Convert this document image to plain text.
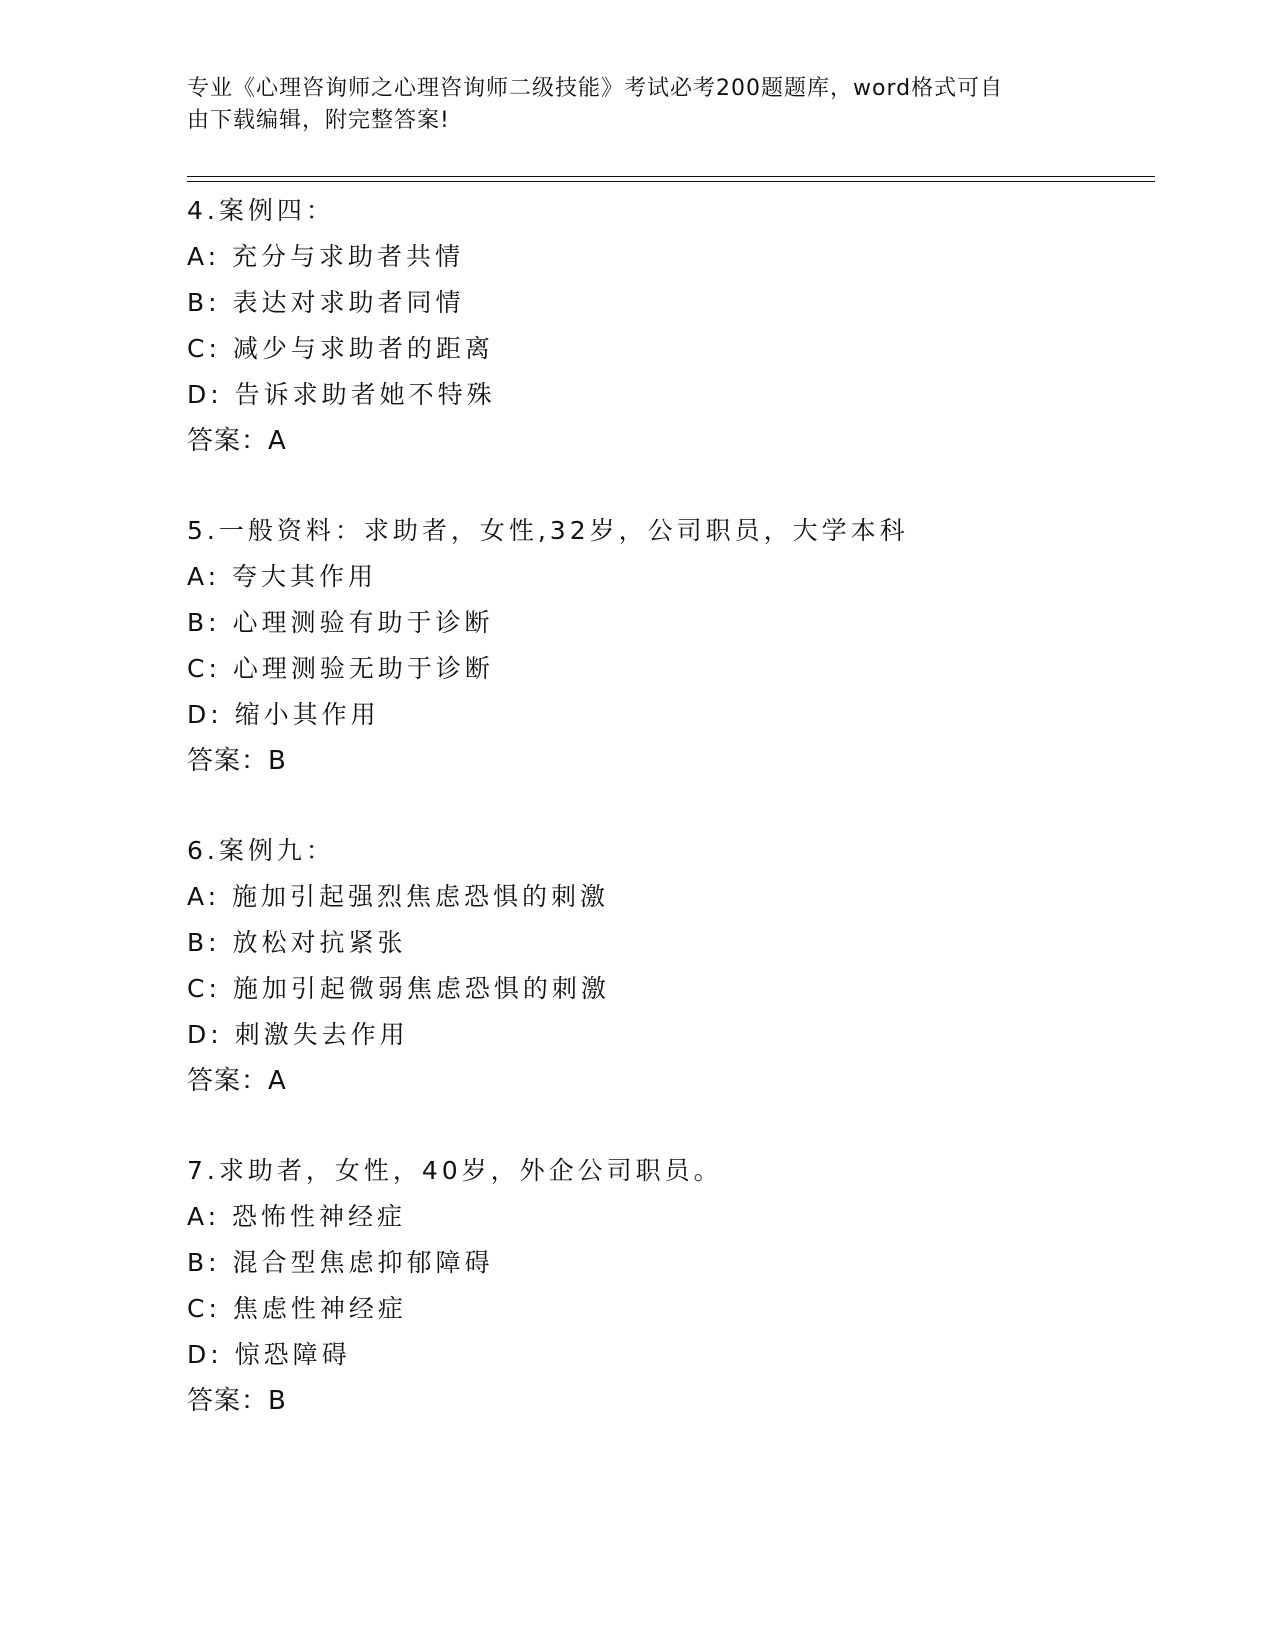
专业《心理咨询师之心理咨询师二级技能》考试必考200题题库，word格式可自
由下载编辑，附完整答案!
4.案例四：
A: 充分与求助者共情
B: 表达对求助者同情
C: 减少与求助者的距离
D: 告诉求助者她不特殊
答案：A
5.一般资料：求助者，女性,32岁，公司职员，大学本科
A: 夸大其作用
B: 心理测验有助于诊断
C: 心理测验无助于诊断
D: 缩小其作用
答案：B
6.案例九：
A: 施加引起强烈焦虑恐惧的刺激
B: 放松对抗紧张
C: 施加引起微弱焦虑恐惧的刺激
D: 刺激失去作用
答案：A
7.求助者，女性，40岁，外企公司职员。
A: 恐怖性神经症
B: 混合型焦虑抑郁障碍
C: 焦虑性神经症
D: 惊恐障碍
答案：B
